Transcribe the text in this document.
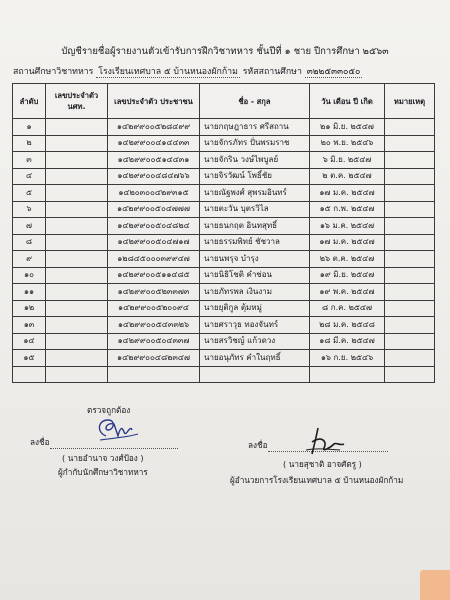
บัญชีรายชื่อผู้รายงานตัวเข้ารับการฝึกวิชาทหาร ชั้นปีที่ ๑ ชาย ปีการศึกษา ๒๕๖๓
สถานศึกษาวิชาทหาร โรงเรียนเทศบาล ๕ บ้านหนองผักก้าม รหัสสถานศึกษา ๓๒๒๕๓๓๐๕๐
ลำดับ	เลขประจำตัว นศท.	เลขประจำตัว ประชาชน	ชื่อ - สกุล	วัน เดือน ปี เกิด	หมายเหตุ
๑		๑๔๒๙๙๐๐๕๒๘๔๙๙	นายกฤษฎาธาร ศรีสถาน	๒๑ มิ.ย. ๒๕๔๗	
๒		๑๔๒๙๙๐๐๔๑๔๔๓๓	นายจักรภัทร ปั่นพรมราช	๒๐ พ.ย. ๒๕๔๖	
๓		๑๔๒๙๙๐๐๕๑๔๔๓๑	นายจักริน วงษ์ไพบูลย์	๖ มิ.ย. ๒๕๔๗	
๔		๑๔๒๙๙๐๐๔๘๔๗๖๖	นายจิรวัฒน์ โพธิ์ชัย	๒ ต.ค. ๒๕๔๗	
๕		๑๔๒๐๓๐๐๔๒๙๓๑๕	นายณัฐพงศ์ สุพรมอินทร์	๑๗ ม.ค. ๒๕๔๗	
๖		๑๔๒๙๙๐๐๕๐๔๗๗๗	นายตะวัน บุตรวิไล	๑๕ ก.พ. ๒๕๔๗	
๗		๑๔๒๙๙๐๐๕๐๔๘๒๔	นายธนกฤต อินทสุทธิ์	๑๖ ม.ค. ๒๕๔๗	
๘		๑๔๒๙๙๐๐๕๐๔๗๑๗	นายธรรมพิทย์ ชัชวาล	๑๗ ม.ค. ๒๕๔๗	
๙		๑๒๘๔๕๐๐๐๓๙๙๔๗	นายนพรุจ บำรุง	๒๖ ต.ค. ๒๕๔๗	
๑๐		๑๔๒๙๙๐๐๕๑๑๔๘๕	นายนิธิโชติ คำช่อน	๑๙ มิ.ย. ๒๕๔๗	
๑๑		๑๔๒๙๙๐๐๕๒๓๓๗๓	นายภัทรพล เงินงาม	๑๙ พ.ค. ๒๕๔๗	
๑๒		๑๔๒๙๙๐๐๕๒๐๐๙๔	นายยุติกูล ตุ้มหมู่	๘ ก.ค. ๒๕๔๗	
๑๓		๑๔๒๙๙๐๐๕๔๓๓๒๖	นายศราวุธ ทองจันทร์	๒๘ ม.ค. ๒๕๔๘	
๑๔		๑๔๒๙๙๐๐๕๐๔๓๓๗	นายสรวิชญ์ แก้วดวง	๑๘ มี.ค. ๒๕๔๗	
๑๕		๑๔๒๙๙๐๐๔๘๒๓๔๗	นายอนุภัทร คำในฤทธิ์	๑๖ ก.ย. ๒๕๔๖	

ตรวจถูกต้อง
ลงชื่อ
( นายอำนาจ วงศ์ป้อง )
ผู้กำกับนักศึกษาวิชาทหาร
ลงชื่อ
( นายสุชาติ อาจศัตรู )
ผู้อำนวยการโรงเรียนเทศบาล ๕ บ้านหนองผักก้าม
